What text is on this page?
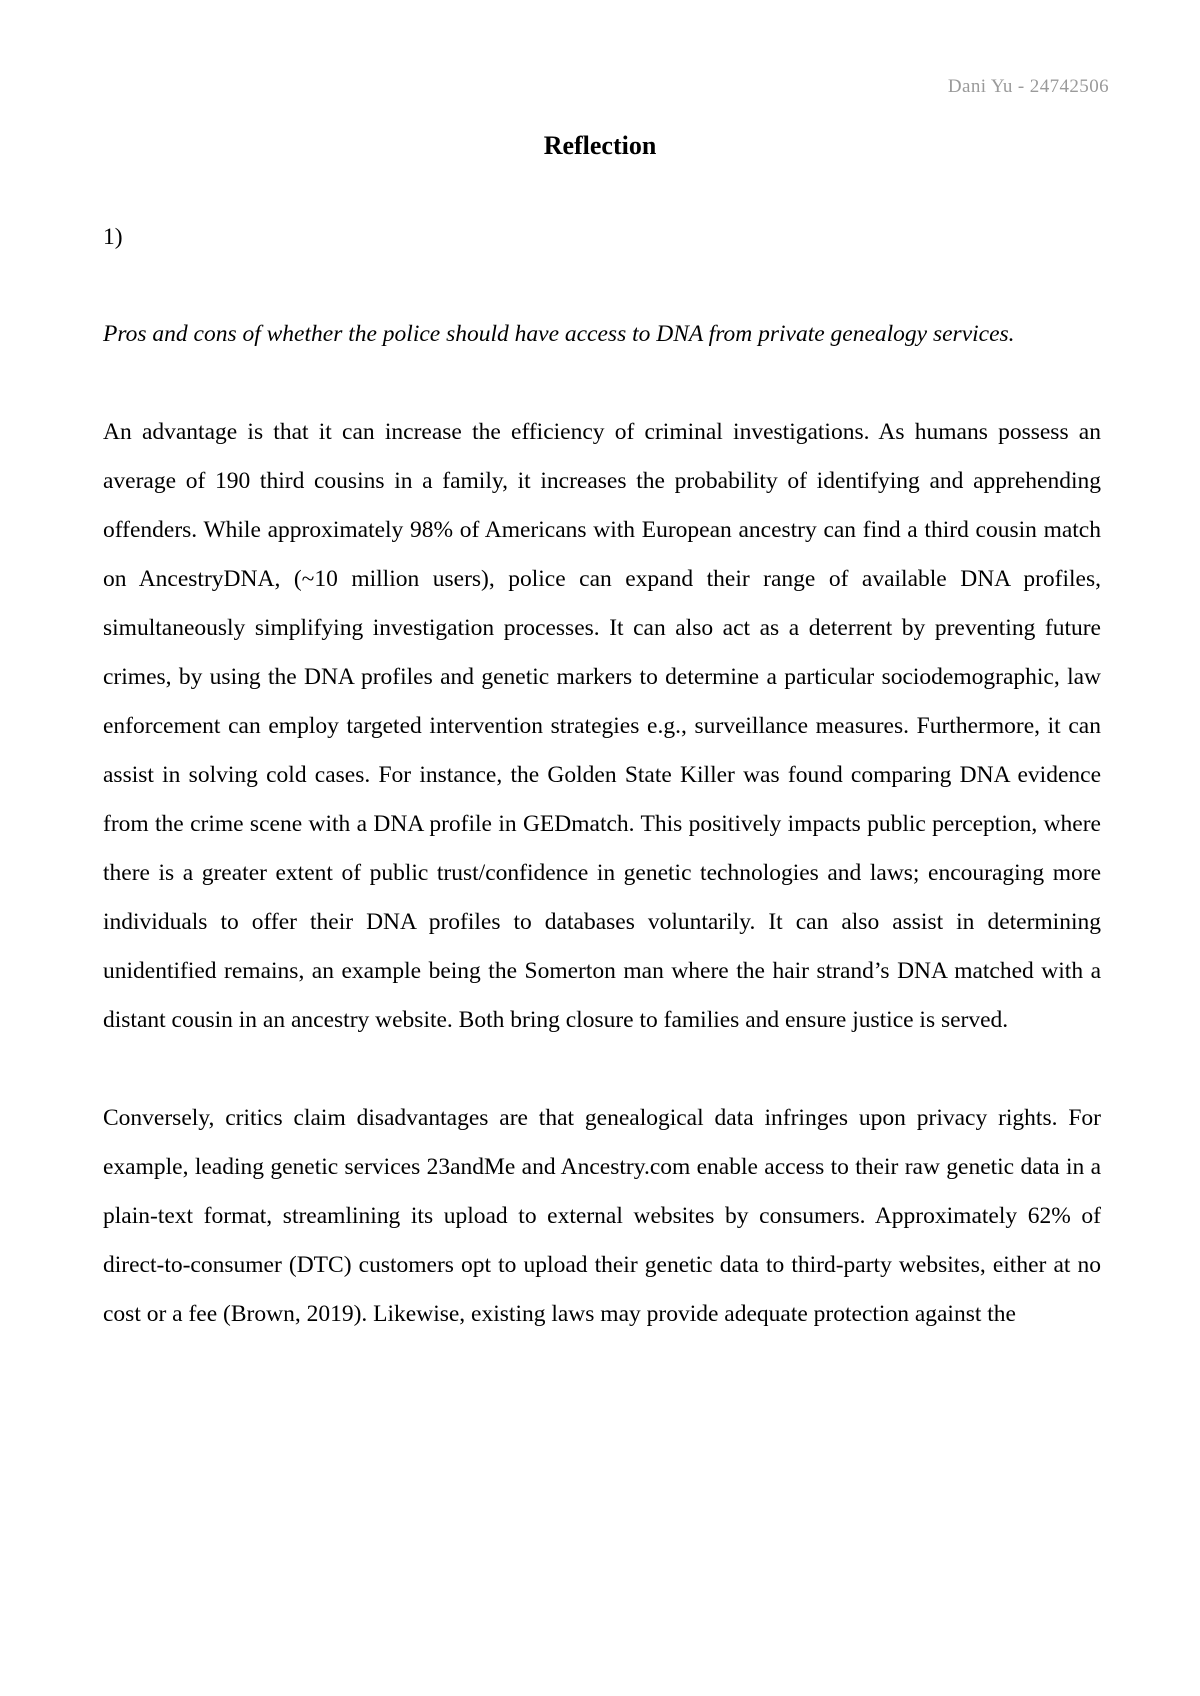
Dani Yu - 24742506
Reflection
1)
Pros and cons of whether the police should have access to DNA from private genealogy services.

An advantage is that it can increase the efficiency of criminal investigations. As humans possess an average of 190 third cousins in a family, it increases the probability of identifying and apprehending offenders. While approximately 98% of Americans with European ancestry can find a third cousin match on AncestryDNA, (~10 million users), police can expand their range of available DNA profiles, simultaneously simplifying investigation processes. It can also act as a deterrent by preventing future crimes, by using the DNA profiles and genetic markers to determine a particular sociodemographic, law enforcement can employ targeted intervention strategies e.g., surveillance measures. Furthermore, it can assist in solving cold cases. For instance, the Golden State Killer was found comparing DNA evidence from the crime scene with a DNA profile in GEDmatch. This positively impacts public perception, where there is a greater extent of public trust/confidence in genetic technologies and laws; encouraging more individuals to offer their DNA profiles to databases voluntarily. It can also assist in determining unidentified remains, an example being the Somerton man where the hair strand’s DNA matched with a distant cousin in an ancestry website. Both bring closure to families and ensure justice is served.

Conversely, critics claim disadvantages are that genealogical data infringes upon privacy rights. For example, leading genetic services 23andMe and Ancestry.com enable access to their raw genetic data in a plain-text format, streamlining its upload to external websites by consumers. Approximately 62% of direct-to-consumer (DTC) customers opt to upload their genetic data to third-party websites, either at no cost or a fee (Brown, 2019). Likewise, existing laws may provide adequate protection against the
